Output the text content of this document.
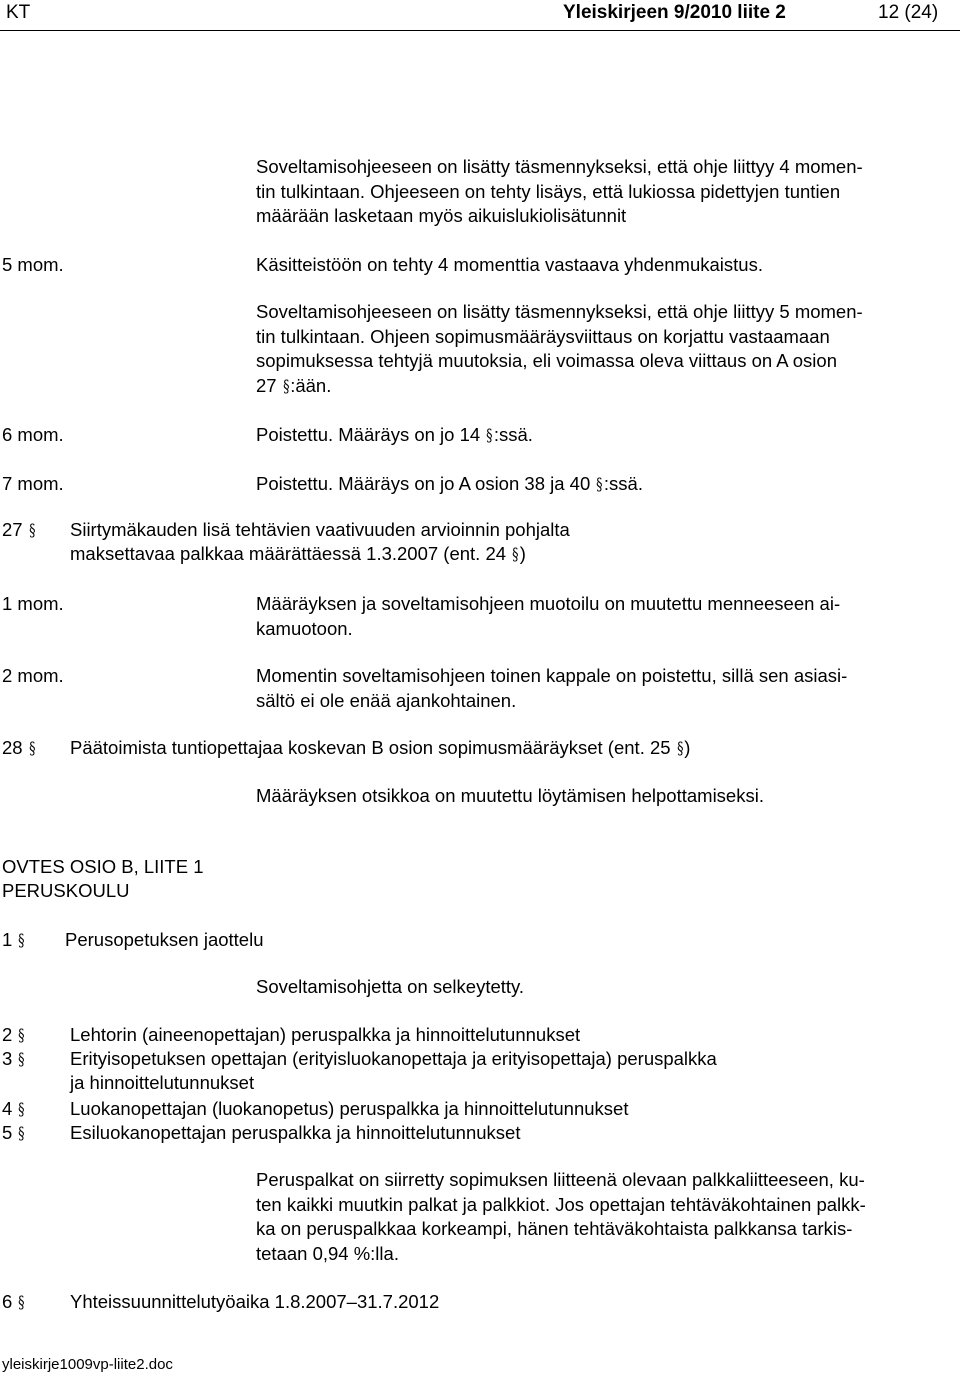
KT	Yleiskirjeen 9/2010 liite 2	12 (24)
Soveltamisohjeeseen on lisätty täsmennykseksi, että ohje liittyy 4 momen-
tin tulkintaan. Ohjeeseen on tehty lisäys, että lukiossa pidettyjen tuntien
määrään lasketaan myös aikuislukiolisätunnit
5 mom.	Käsitteistöön on tehty 4 momenttia vastaava yhdenmukaistus.
Soveltamisohjeeseen on lisätty täsmennykseksi, että ohje liittyy 5 momen-
tin tulkintaan. Ohjeen sopimusmääräysviittaus on korjattu vastaamaan
sopimuksessa tehtyjä muutoksia, eli voimassa oleva viittaus on A osion
27 §:ään.
6 mom.	Poistettu. Määräys on jo 14 §:ssä.
7 mom.	Poistettu. Määräys on jo A osion 38 ja 40 §:ssä.
27 § Siirtymäkauden lisä tehtävien vaativuuden arvioinnin pohjalta
maksettavaa palkkaa määrättäessä 1.3.2007 (ent. 24 §)
1 mom.	Määräyksen ja soveltamisohjeen muotoilu on muutettu menneeseen ai-
kamuotoon.
2 mom.	Momentin soveltamisohjeen toinen kappale on poistettu, sillä sen asiasi-
sältö ei ole enää ajankohtainen.
28 § Päätoimista tuntiopettajaa koskevan B osion sopimusmääräykset (ent. 25 §)
Määräyksen otsikkoa on muutettu löytämisen helpottamiseksi.
OVTES OSIO B, LIITE 1
PERUSKOULU
1 § Perusopetuksen jaottelu
Soveltamisohjetta on selkeytetty.
2 § Lehtorin (aineenopettajan) peruspalkka ja hinnoittelutunnukset
3 § Erityisopetuksen opettajan (erityisluokanopettaja ja erityisopettaja) peruspalkka
ja hinnoittelutunnukset
4 § Luokanopettajan (luokanopetus) peruspalkka ja hinnoittelutunnukset
5 § Esiluokanopettajan peruspalkka ja hinnoittelutunnukset
Peruspalkat on siirretty sopimuksen liitteenä olevaan palkkaliitteeseen, ku-
ten kaikki muutkin palkat ja palkkiot. Jos opettajan tehtäväkohtainen palkk-
ka on peruspalkkaa korkeampi, hänen tehtäväkohtaista palkkansa tarkis-
tetaan 0,94 %:lla.
6 § Yhteissuunnittelutyöaika 1.8.2007–31.7.2012
yleiskirje1009vp-liite2.doc
